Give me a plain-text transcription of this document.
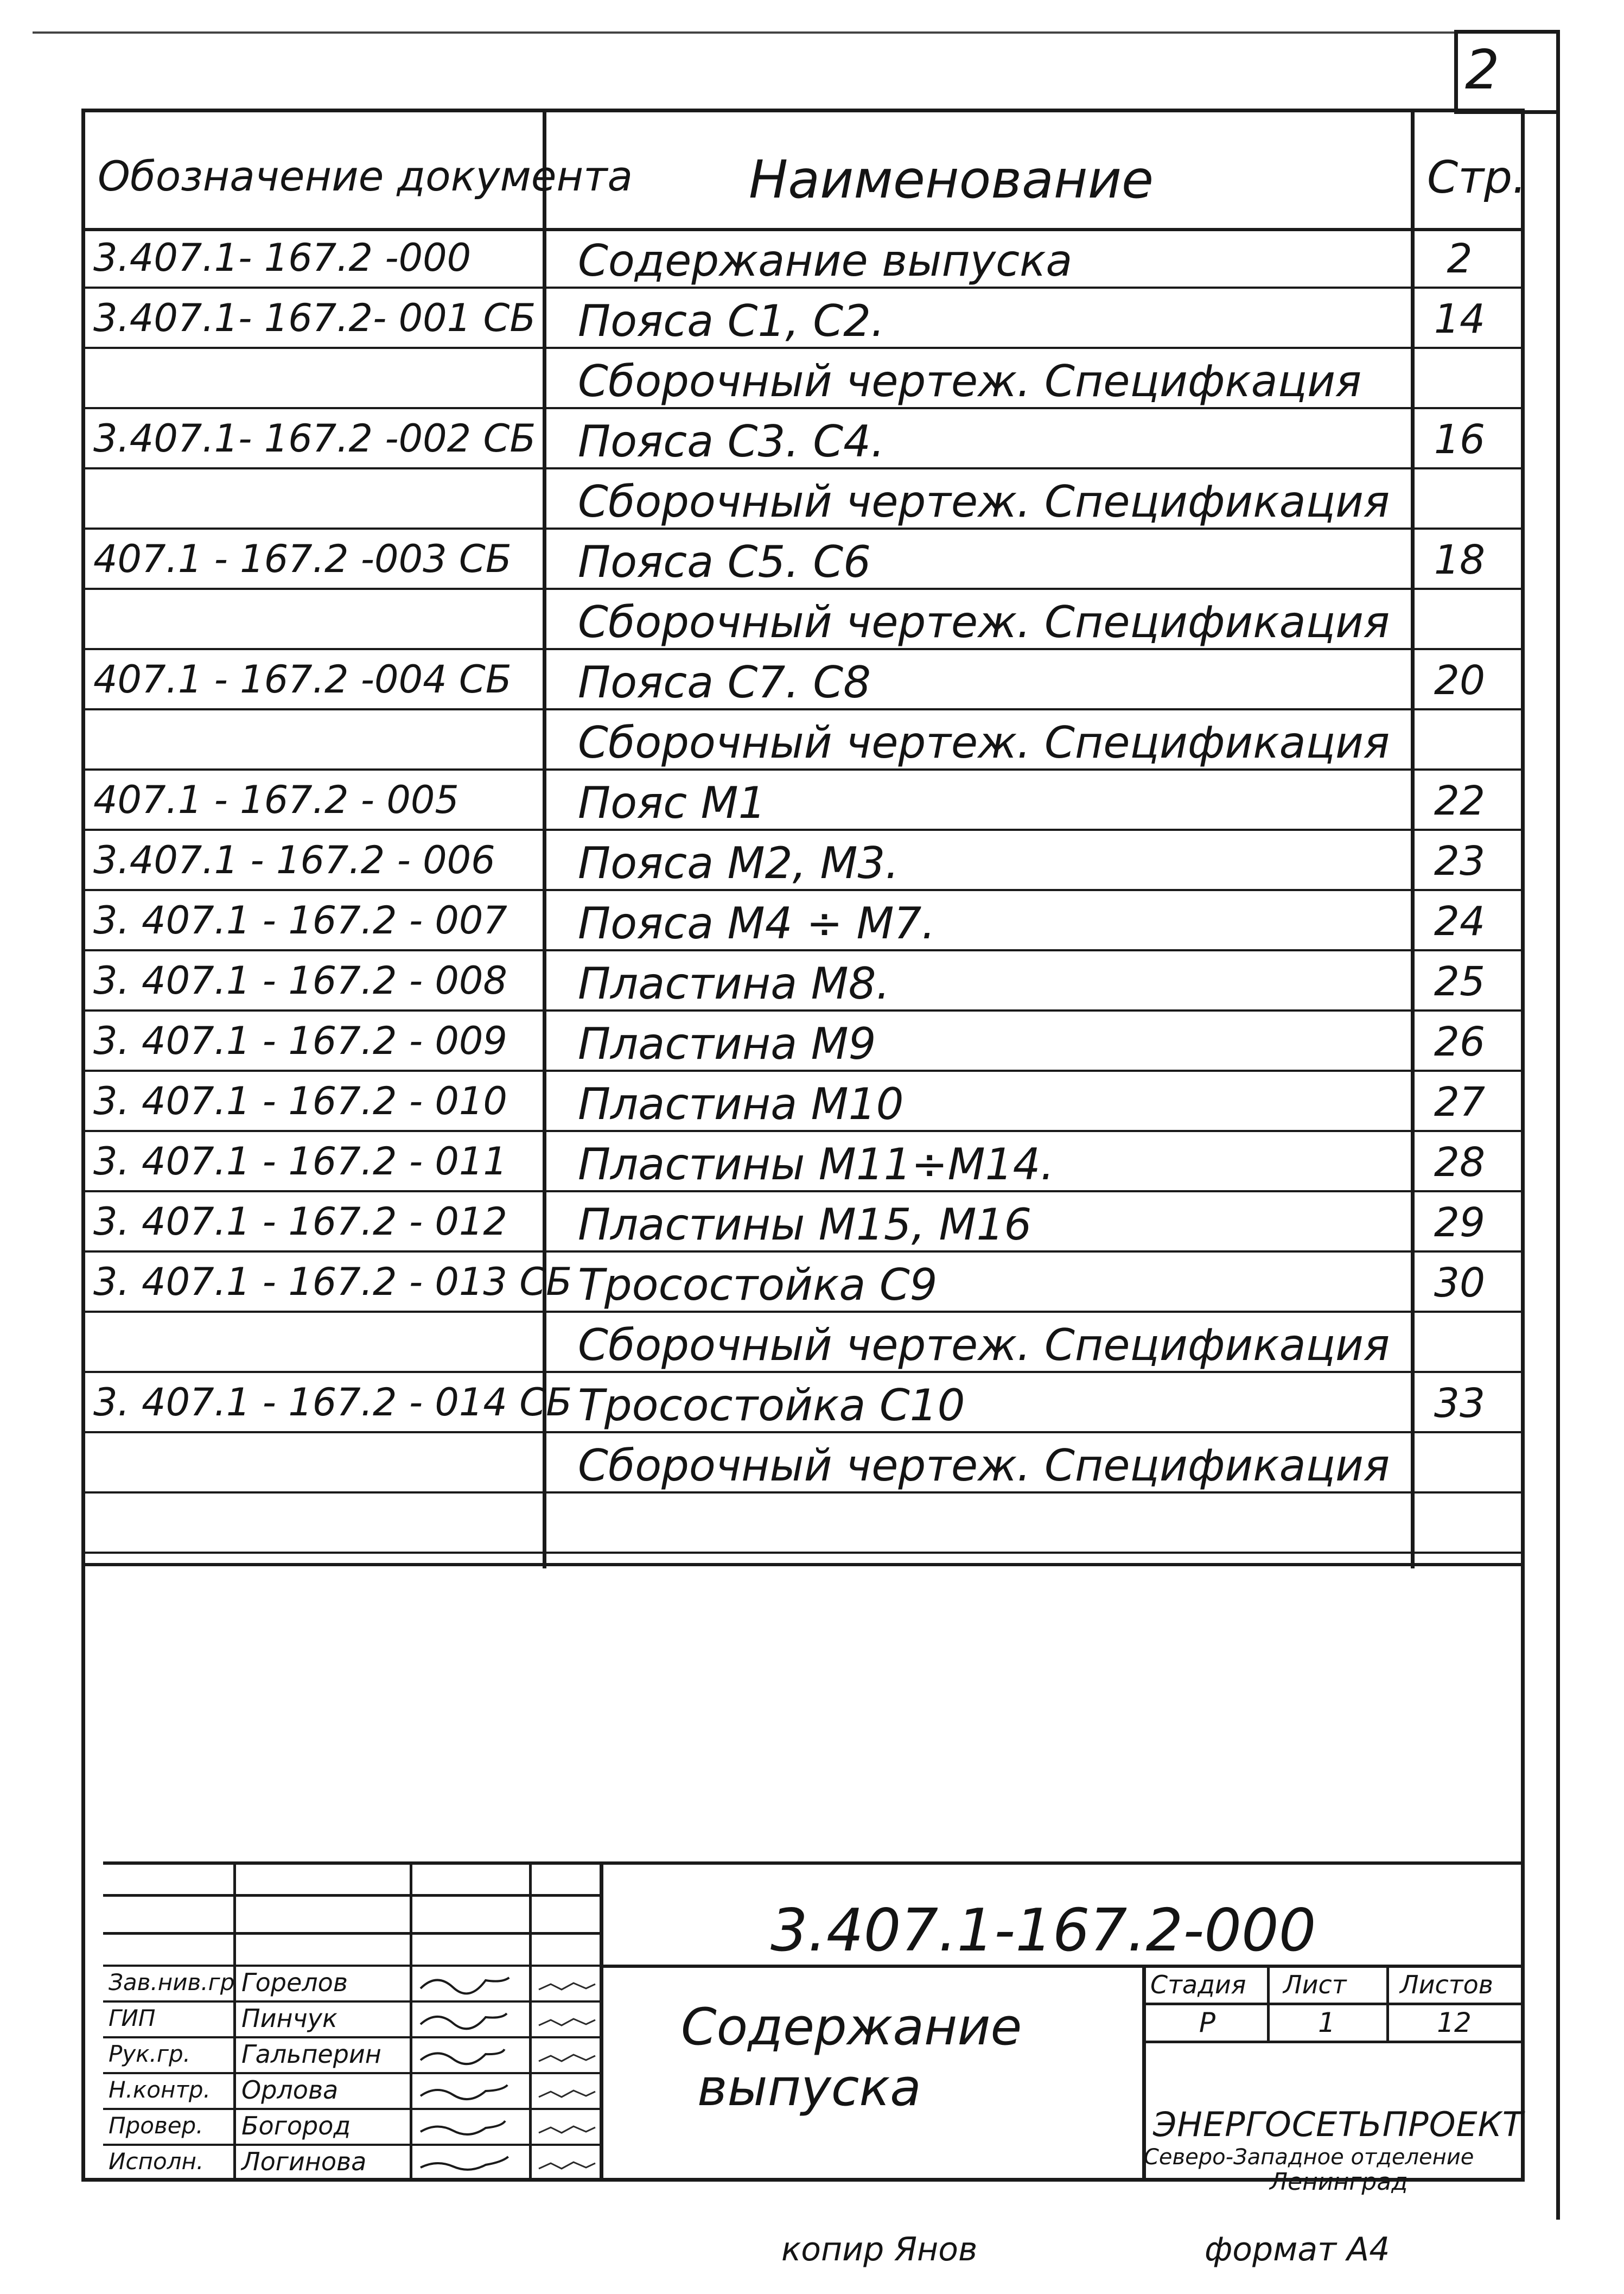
2
Обозначение документа Наименование	Стр.
3.407.1- 167.2 -000 Содержание выпуска	2
3.407.1- 167.2- 001 СБ Пояса С1, С2.	14
Сборочный чертеж. Специфкация
3.407.1- 167.2 -002 СБ Пояса С3. С4.	16
Сборочный чертеж. Спецификация
407.1 - 167.2 -003 СБ Пояса С5. С6	18
Сборочный чертеж. Спецификация
407.1 - 167.2 -004 СБ Пояса С7. С8	20
Сборочный чертеж. Спецификация
407.1 - 167.2 - 005	Пояс М1	22
3.407.1 - 167.2 - 006 Пояса М2, М3.	23
3. 407.1 - 167.2 - 007 Пояса М4 ÷ М7.	24
3. 407.1 - 167.2 - 008 Пластина М8.	25
3. 407.1 - 167.2 - 009 Пластина М9	26
3. 407.1 - 167.2 - 010 Пластина М10	27
3. 407.1 - 167.2 - 011 Пластины М11÷М14.	28
3. 407.1 - 167.2 - 012 Пластины М15, М16	29
3. 407.1 - 167.2 - 013 СБ Тросостойка С9	30
Сборочный чертеж. Спецификация
3. 407.1 - 167.2 - 014 СБ Тросостойка С10	33
Сборочный чертеж. Спецификация
Зав.нив.гр Горелов
ГИП	Пинчук
Рук.гр. Гальперин
Н.контр. Орлова
Провер. Богород
Исполн. Логинова
3.407.1-167.2-000
Содержание
выпуска
Стадия Лист Листов
Р	1	12
ЭНЕРГОСЕТЬПРОЕКТ
Северо-Западное отделение
Ленинград
копир Янов	формат А4
